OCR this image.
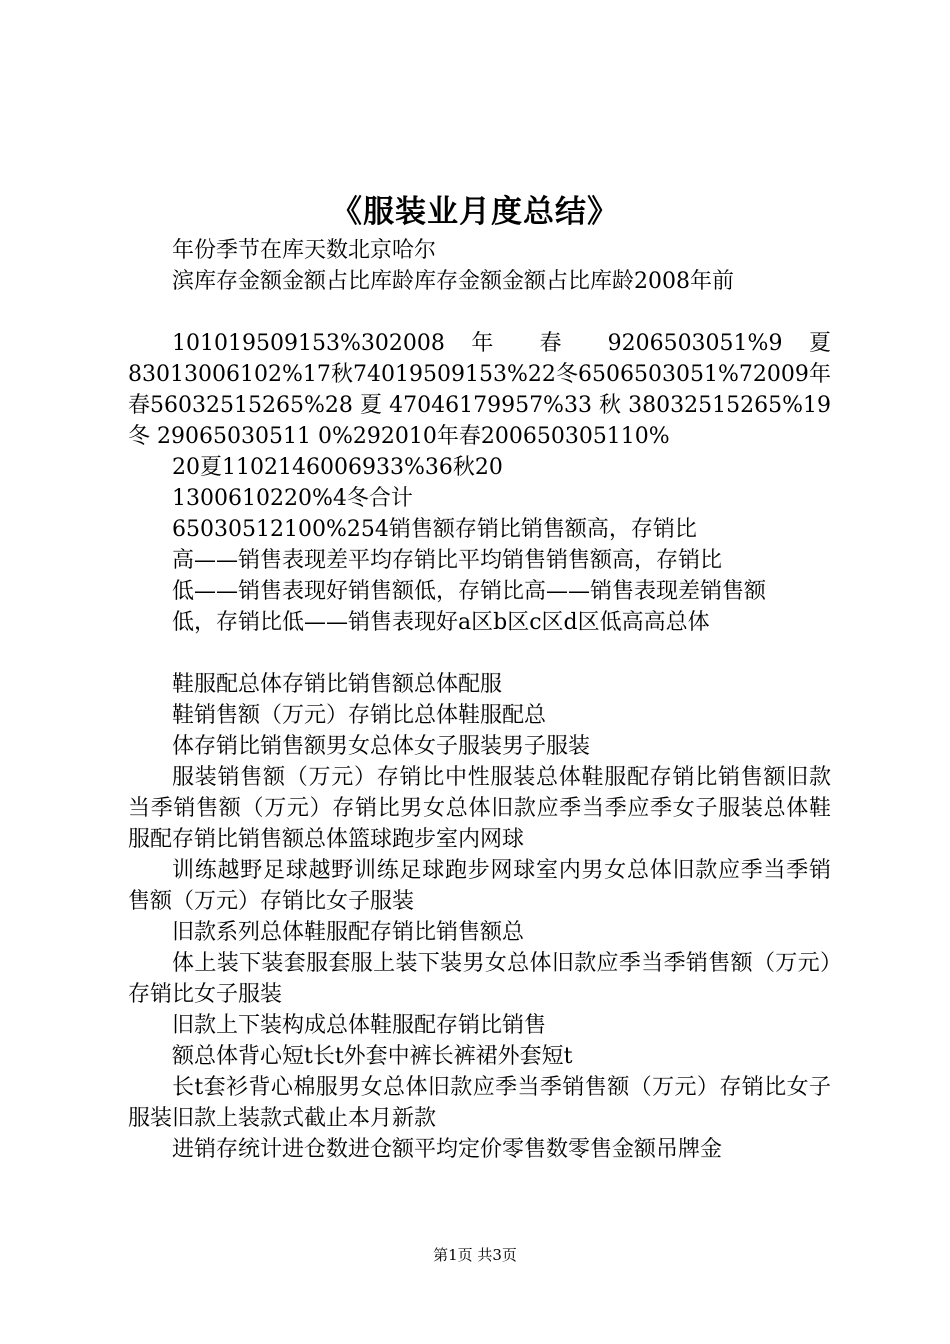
《服装业月度总结》

年份季节在库天数北京哈尔

滨库存金额金额占比库龄库存金额金额占比库龄2008年前

101019509153%302008 年 春 9206503051%9 夏 83013006102%17秋74019509153%22冬6506503051%72009年春56032515265%28 夏 47046179957%33 秋 38032515265%19 冬 29065030511 0%292010年春200650305110%

20夏1102146006933%36秋20

1300610220%4冬合计

65030512100%254销售额存销比销售额高，存销比

高——销售表现差平均存销比平均销售销售额高，存销比

低——销售表现好销售额低，存销比高——销售表现差销售额

低，存销比低——销售表现好a区b区c区d区低高高总体

鞋服配总体存销比销售额总体配服

鞋销售额（万元）存销比总体鞋服配总

体存销比销售额男女总体女子服装男子服装

服装销售额（万元）存销比中性服装总体鞋服配存销比销售额旧款当季销售额（万元）存销比男女总体旧款应季当季应季女子服装总体鞋服配存销比销售额总体篮球跑步室内网球

训练越野足球越野训练足球跑步网球室内男女总体旧款应季当季销售额（万元）存销比女子服装

旧款系列总体鞋服配存销比销售额总

体上装下装套服套服上装下装男女总体旧款应季当季销售额（万元）存销比女子服装

旧款上下装构成总体鞋服配存销比销售

额总体背心短t长t外套中裤长裤裙外套短t

长t套衫背心棉服男女总体旧款应季当季销售额（万元）存销比女子服装旧款上装款式截止本月新款

进销存统计进仓数进仓额平均定价零售数零售金额吊牌金

第1页 共3页
